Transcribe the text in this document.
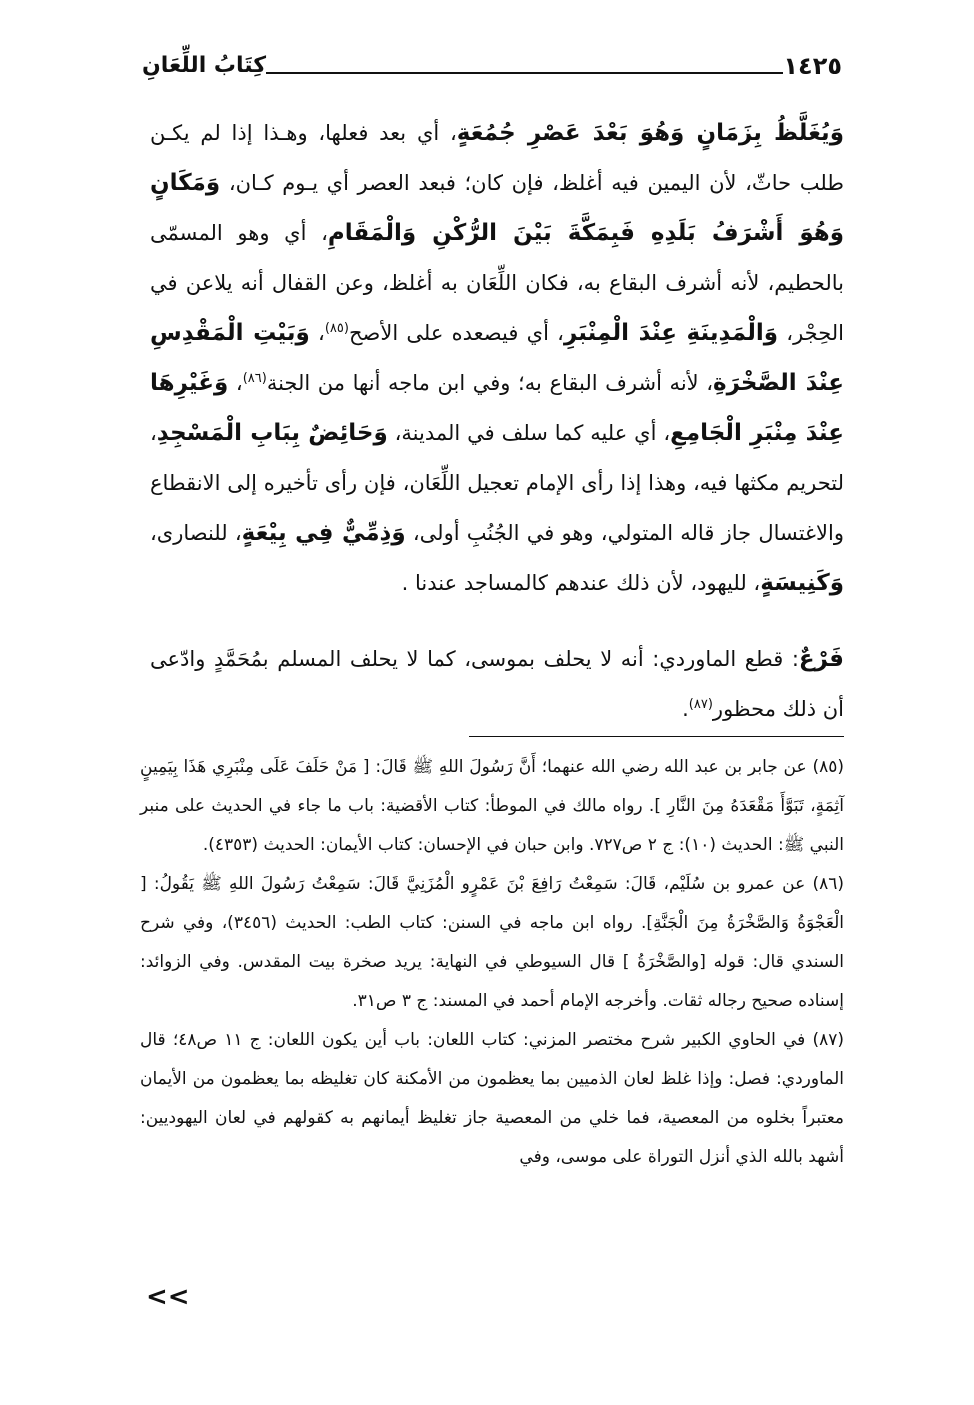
١٤٢٥
كِتَابُ اللِّعَانِ

وَيُغَلَّظُ بِزَمَانٍ وَهُوَ بَعْدَ عَصْرِ جُمُعَةٍ، أي بعد فعلها، وهـذا إذا لم يكـن طلب حاثّ، لأن اليمين فيه أغلظ، فإن كان؛ فبعد العصر أي يـوم كـان، وَمَكَانٍ وَهُوَ أَشْرَفُ بَلَدِهِ فَبِمَكَّةَ بَيْنَ الرُّكْنِ وَالْمَقَامِ، أي وهو المسمّى بالحطيم، لأنه أشرف البقاع به، فكان اللِّعَان به أغلظ، وعن القفال أنه يلاعن في الحِجْر، وَالْمَدِينَةِ عِنْدَ الْمِنْبَرِ، أي فيصعده على الأصح$^{(٨٥)}$، وَبَيْتِ الْمَقْدِسِ عِنْدَ الصَّخْرَةِ، لأنه أشرف البقاع به؛ وفي ابن ماجه أنها من الجنة$^{(٨٦)}$، وَغَيْرِهَا عِنْدَ مِنْبَرِ الْجَامِعِ، أي عليه كما سلف في المدينة، وَحَائِضٌ بِبَابِ الْمَسْجِدِ، لتحريم مكثها فيه، وهذا إذا رأى الإمام تعجيل اللِّعَان، فإن رأى تأخيره إلى الانقطاع والاغتسال جاز قاله المتولي، وهو في الجُنُبِ أولى، وَذِمِّيٌّ فِي بِيْعَةٍ، للنصارى، وَكَنِيسَةٍ، لليهود، لأن ذلك عندهم كالمساجد عندنا .

فَرْعٌ: قطع الماوردي: أنه لا يحلف بموسى، كما لا يحلف المسلم بمُحَمَّدٍ وادّعى أن ذلك محظور$^{(٨٧)}$.

(٨٥) عن جابر بن عبد الله رضي الله عنهما؛ أَنَّ رَسُولَ اللهِ ﷺ قَالَ: [ مَنْ حَلَفَ عَلَى مِنْبَرِي هَذَا بِيَمِينٍ آثِمَةٍ، تَبَوَّأَ مَقْعَدَهُ مِنَ النَّارِ ]. رواه مالك في الموطأ: كتاب الأقضية: باب ما جاء في الحديث على منبر النبي ﷺ: الحديث (١٠): ج ٢ ص٧٢٧. وابن حبان في الإحسان: كتاب الأيمان: الحديث (٤٣٥٣).

(٨٦) عن عمرو بن سُلَيْم، قَالَ: سَمِعْتُ رَافِعَ بْنَ عَمْرٍو الْمُزَنِيَّ قَالَ: سَمِعْتُ رَسُولَ اللهِ ﷺ يَقُولُ: [ الْعَجْوَةُ وَالصَّخْرَةُ مِنَ الْجَنَّةِ]. رواه ابن ماجه في السنن: كتاب الطب: الحديث (٣٤٥٦)، وفي شرح السندي قال: قوله [والصَّخْرَةُ ] قال السيوطي في النهاية: يريد صخرة بيت المقدس. وفي الزوائد: إسناده صحيح رجاله ثقات. وأخرجه الإمام أحمد في المسند: ج ٣ ص٣١.

(٨٧) في الحاوي الكبير شرح مختصر المزني: كتاب اللعان: باب أين يكون اللعان: ج ١١ ص٤٨؛ قال الماوردي: فصل: وإذا غلظ لعان الذميين بما يعظمون من الأمكنة كان تغليظه بما يعظمون من الأيمان معتبراً بخلوه من المعصية، فما خلي من المعصية جاز تغليظ أيمانهم به كقولهم في لعان اليهوديين: أشهد بالله الذي أنزل التوراة على موسى، وفي

<<
